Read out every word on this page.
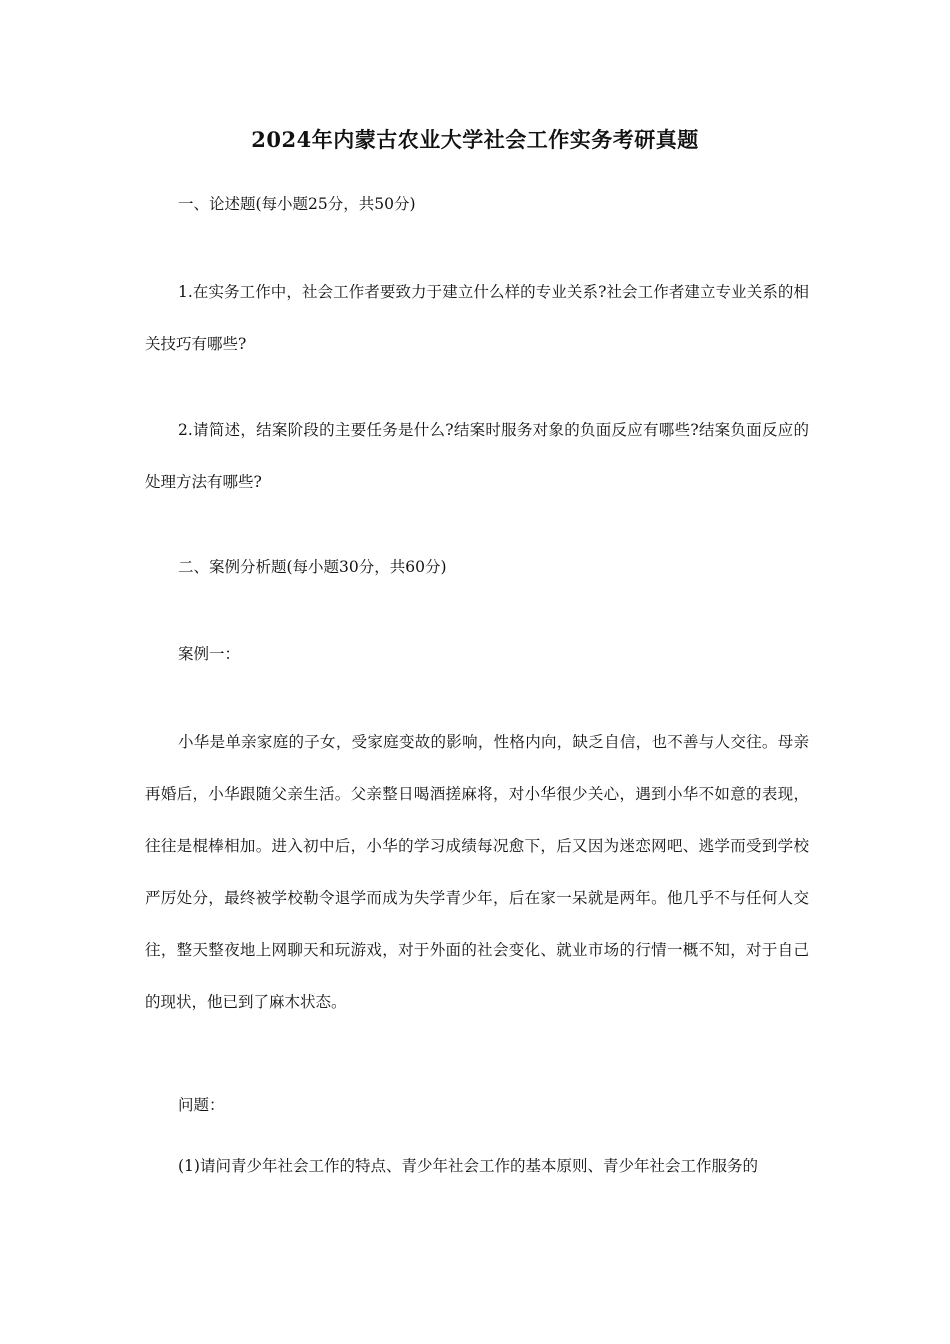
2024年内蒙古农业大学社会工作实务考研真题

一、论述题(每小题25分，共50分)

1.在实务工作中，社会工作者要致力于建立什么样的专业关系?社会工作者建立专业关系的相关技巧有哪些?

2.请简述，结案阶段的主要任务是什么?结案时服务对象的负面反应有哪些?结案负面反应的处理方法有哪些?

二、案例分析题(每小题30分，共60分)

案例一：

小华是单亲家庭的子女，受家庭变故的影响，性格内向，缺乏自信，也不善与人交往。母亲再婚后，小华跟随父亲生活。父亲整日喝酒搓麻将，对小华很少关心，遇到小华不如意的表现，往往是棍棒相加。进入初中后，小华的学习成绩每况愈下，后又因为迷恋网吧、逃学而受到学校严厉处分，最终被学校勒令退学而成为失学青少年，后在家一呆就是两年。他几乎不与任何人交往，整天整夜地上网聊天和玩游戏，对于外面的社会变化、就业市场的行情一概不知，对于自己的现状，他已到了麻木状态。

问题：

(1)请问青少年社会工作的特点、青少年社会工作的基本原则、青少年社会工作服务的
